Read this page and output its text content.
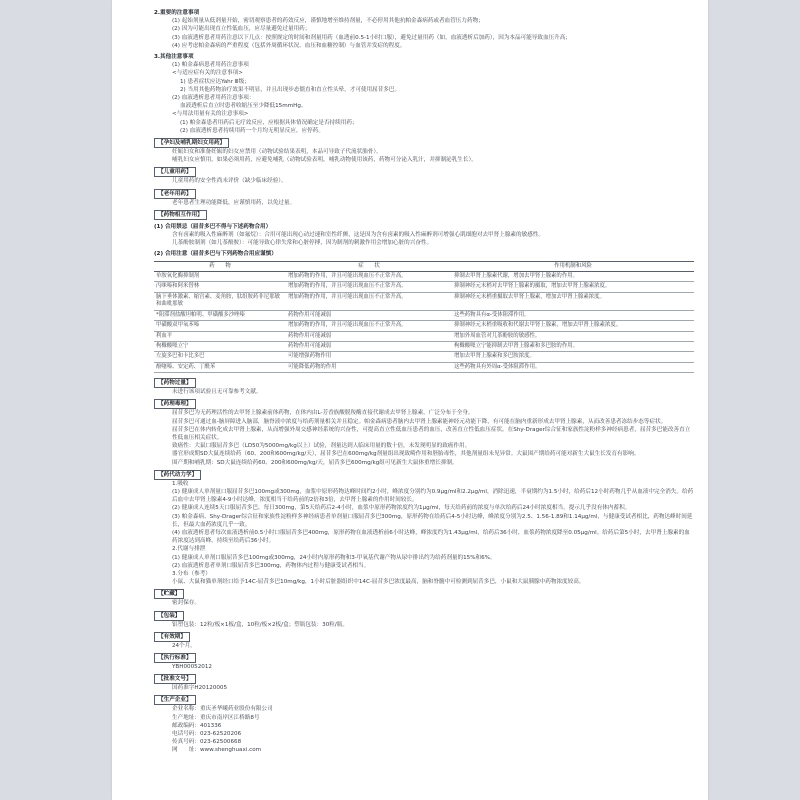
2.重要的注意事项

(1) 起始剂量从低剂量开始，密切观察患者的药效反应，谨慎地增至维持剂量，不必停用其他抗帕金森病药或者血管压力药物；

(2) 因为可能出现直立性低血压，应尽量避免过量用药；

(3) 血液透析患者用药注意以下几点：按照规定的时间和剂量用药（血透前0.5-1小时口服），避免过量用药（如，血液透析后加药），因为本品可能导致血压升高；

(4) 应考虑帕金森病的严重程度（包括外周循环状况、血压和血糖控制）与血管并发症的程度。

3.其他注意事项

(1) 帕金森病患者用药注意事项

<与适应症有关的注意事项>

1) 患者症状应达Yahr Ⅲ级；

2) 当用其他药物治疗效果不明显，并且出现步态僵直和直立性头晕，才可使用屈昔多巴。

(2) 血液透析患者用药注意事项：

血液透析后直立时患者收缩压至少降低15mmHg。

<与用法用量有关的注意事项>

(1) 帕金森患者用药后无疗效反应，应根据具体情况确定是否持续用药；

(2) 血液透析患者持续用药一个月均无明显反应，应停药。

【孕妇及哺乳期妇女用药】

妊娠妇女和准备妊娠的妇女应禁用（动物试验结果表明，本品可导致子代流状胎骨）。

哺乳妇女应慎用，如果必须用药，应避免哺乳（动物试验表明，哺乳动物使用该药，药物可分泌入乳汁，并抑制泌乳生长）。

【儿童用药】

儿童用药的安全性尚未评价（缺少临床经验）。

【老年用药】

老年患者生理功能降低，应谨慎用药，以免过量。

【药物相互作用】
(1) 合用禁忌（屈昔多巴不得与下述药物合用）

含有卤素的吸入性麻醉剂（如氟烷）：合用可能出现心动过速和室性纤颤，这是因为含有卤素的吸入性麻醉剂可增强心肌细胞对去甲肾上腺素的敏感性。

儿茶酚胺制剂（如儿茶酚胺）：可能导致心律失常和心脏停搏，因为制剂的刺激作用会增加心脏的兴奋性。

(2) 合用注意（屈昔多巴与下列药物合用应谨慎）
药　　物	症　　状	作用机制和风险
单胺氧化酶抑制剂	增加药物的作用，并且可能出现血压不正常升高。	抑制去甲肾上腺素代谢，增加去甲肾上腺素的作用。
丙咪嗪和阿米替林	增加药物的作用，并且可能出现血压不正常升高。	抑制神经元末梢对去甲肾上腺素的摄取，增加去甲肾上腺素浓度。
脑下垂体激素、缩宫素、麦角胺，肽组胺药非尼那敏和曲吡那敏	增加药物的作用，并且可能出现血压不正常升高。	抑制神经元末梢重摄取去甲肾上腺素，增加去甲肾上腺素浓度。
*阻滞剂盐酸坦帕明、甲磺酸多沙唑嗪	药物作用可能减弱	这些药物具有α-受体阻滞作用。
甲磺酸双甲氧苯嗪	增加药物的作用，并且可能出现血压不正常升高。	抑制神经元末梢重吸收和代谢去甲肾上腺素，增加去甲肾上腺素浓度。
利血平	药物作用可能减弱	增加外周血管对儿茶酚胺的敏感性。
枸橼酸哌立宁	药物作用可能减弱	枸橼酸哌立宁能抑制去甲肾上腺素和多巴胺的作用。
左旋多巴和卡比多巴	可能增强药物作用	增加去甲肾上腺素和多巴胺浓度。
酚噻嗪、安定药、丁酰苯	可能降低药物的作用	这些药物具有外周α-受体阻滞作用。
【药物过量】

未进行该项试验且无可靠参考文献。

【药理毒理】

屈昔多巴为无药理活性的去甲肾上腺素前体药物，在体内由L-芳香族酸脱羧酶直接代谢成去甲肾上腺素，广泛分布于全身。

屈昔多巴可通过血-脑屏障进入脑部，脑脊液中浓度与给药剂量相关并且稳定。帕金森病患者脑内去甲肾上腺素能神经元功能下降，有可能在脑内重新形成去甲肾上腺素，从而改善患者冻结步态等症状。

屈昔多巴在体内转化成去甲肾上腺素，从而增强外周交感神经系统的兴奋性，可提高直立性低血压患者的血压，改善直立性低血压症状。在Shy-Drager综合征和家族性淀粉样多神经病患者，屈昔多巴能改善直立性低血压相关症状。

致癌性：大鼠口服屈昔多巴（LD50为5000mg/kg以上）试验，剂量达到人临床用量的数十倍，未发现明显的致癌作用。

器官形成期SD大鼠连续给药（60、200和600mg/kg/天），屈昔多巴在600mg/kg剂量组出现致畸作用和胚胎毒性，其他剂量组未见异常。大鼠围产期给药可能对新生大鼠生长发育有影响。

围产期和哺乳期：SD大鼠连续给药60、200和600mg/kg/天，屈昔多巴600mg/kg组可见新生大鼠体重增长抑制。

【药代动力学】

1.吸收

(1) 健康成人单剂量口服屈昔多巴100mg或300mg，血浆中原形药物达峰时间约2小时，峰浓度分别约为0.9μg/ml和2.2μg/ml，消除迅速，半衰期约为1.5小时，给药后12小时药物几乎从血液中完全消失。给药后血中去甲肾上腺素4-9小时达峰，浓度相当于给药前的2倍和3倍，去甲肾上腺素的作用时间较长。

(2) 健康成人连续5天口服屈昔多巴，每日300mg，第5天给药后2-4小时，血浆中原形药物浓度约为1μg/ml，每天给药前的浓度与单次给药后24小时浓度相当，提示几乎没有体内蓄积。

(3) 帕金森病、Shy-Drager综合征和家族性淀粉样多神经病患者单剂量口服屈昔多巴300mg，原形药物在给药后4-5小时达峰，峰浓度分别为2.5、1.56-1.89和1.14μg/ml，与健康受试者相比，药物达峰时间延长，但最大血药浓度几乎一致。

(4) 血液透析患者每次血液透析前0.5小时口服屈昔多巴400mg，原形药物在血液透析前6小时达峰，峰浓度约为1.43μg/ml，给药后36小时，血浆药物浓度降至0.05μg/ml。给药后第5小时，去甲肾上腺素的血药浓度达到高峰，持续至给药后36小时。

2.代谢与排泄

(1) 健康成人单剂口服屈昔多巴100mg或300mg，24小时内原形药物和3-甲氧基代谢产物从尿中排出约为给药剂量的15%和6%。

(2) 血液透析患者单剂口服屈昔多巴300mg，药物体内过程与健康受试者相当。

3.分布（参考）

小鼠、大鼠和猫单剂经口给予14C-屈昔多巴10mg/kg，1小时后脏器组织中14C-屈昔多巴浓度最高，脑和脊髓中可检测到屈昔多巴，小鼠和大鼠胰腺中药物浓度较高。

【贮藏】

密封保存。

【包装】

铝塑包装：12粒/板×1板/盒，10粒/板×2板/盒；塑瓶包装：30粒/瓶。

【有效期】

24个月。

【执行标准】

YBH00052012

【批准文号】

国药准字H20120005

【生产企业】

企业名称：重庆圣华曦药业股份有限公司

生产地址：重庆市南岸区江桥路8号

邮政编码：401336

电话号码：023-62520206

传真号码：023-62500668

网　　址：www.shenghuaxi.com
